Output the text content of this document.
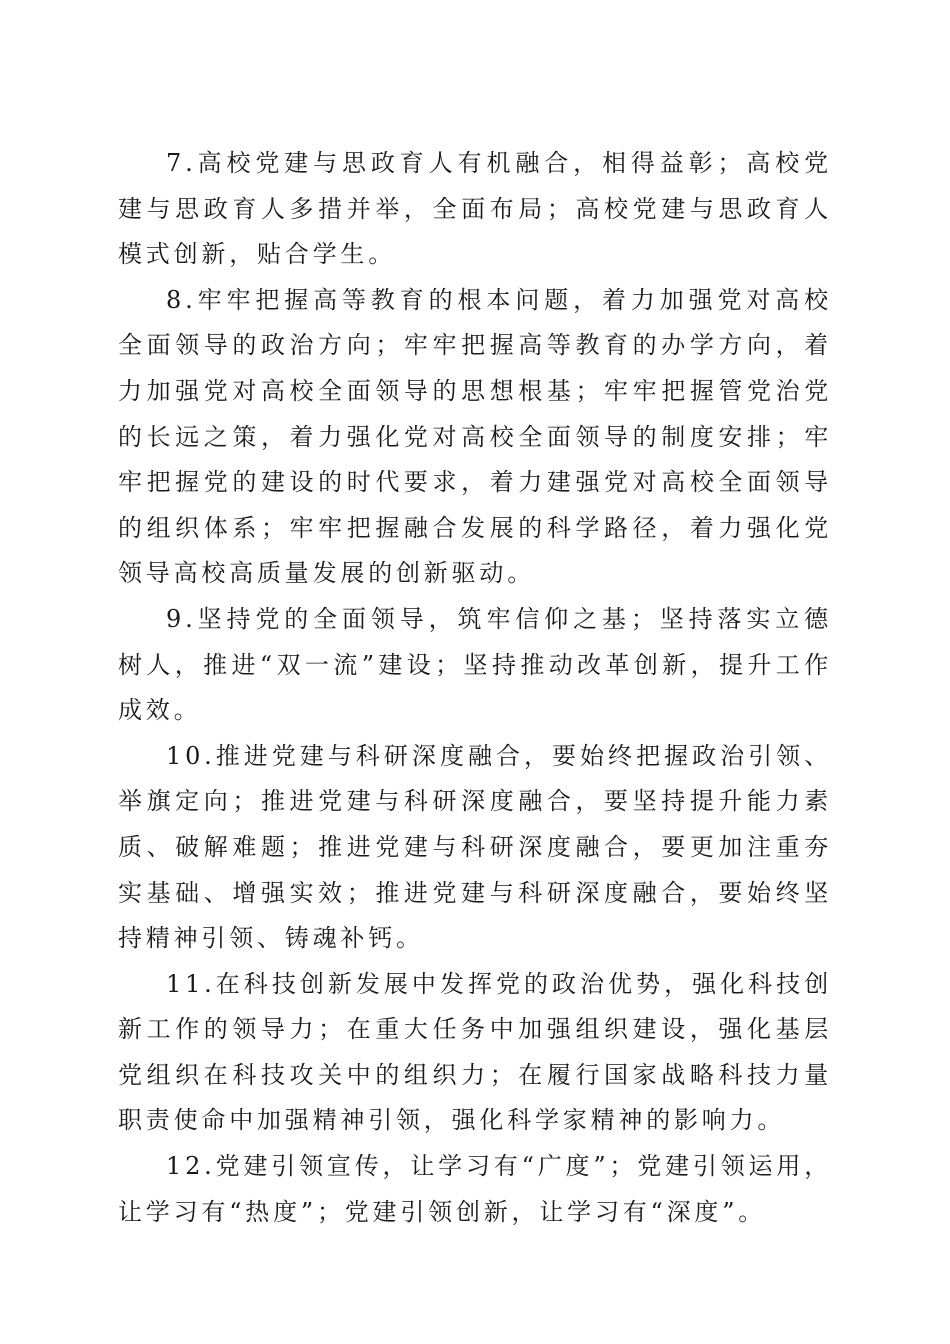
7.高校党建与思政育人有机融合，相得益彰；高校党建与思政育人多措并举，全面布局；高校党建与思政育人模式创新，贴合学生。

8.牢牢把握高等教育的根本问题，着力加强党对高校全面领导的政治方向；牢牢把握高等教育的办学方向，着力加强党对高校全面领导的思想根基；牢牢把握管党治党的长远之策，着力强化党对高校全面领导的制度安排；牢牢把握党的建设的时代要求，着力建强党对高校全面领导的组织体系；牢牢把握融合发展的科学路径，着力强化党领导高校高质量发展的创新驱动。

9.坚持党的全面领导，筑牢信仰之基；坚持落实立德树人，推进“双一流”建设；坚持推动改革创新，提升工作成效。

10.推进党建与科研深度融合，要始终把握政治引领、举旗定向；推进党建与科研深度融合，要坚持提升能力素质、破解难题；推进党建与科研深度融合，要更加注重夯实基础、增强实效；推进党建与科研深度融合，要始终坚持精神引领、铸魂补钙。

11.在科技创新发展中发挥党的政治优势，强化科技创新工作的领导力；在重大任务中加强组织建设，强化基层党组织在科技攻关中的组织力；在履行国家战略科技力量职责使命中加强精神引领，强化科学家精神的影响力。

12.党建引领宣传，让学习有“广度”；党建引领运用，让学习有“热度”；党建引领创新，让学习有“深度”。
